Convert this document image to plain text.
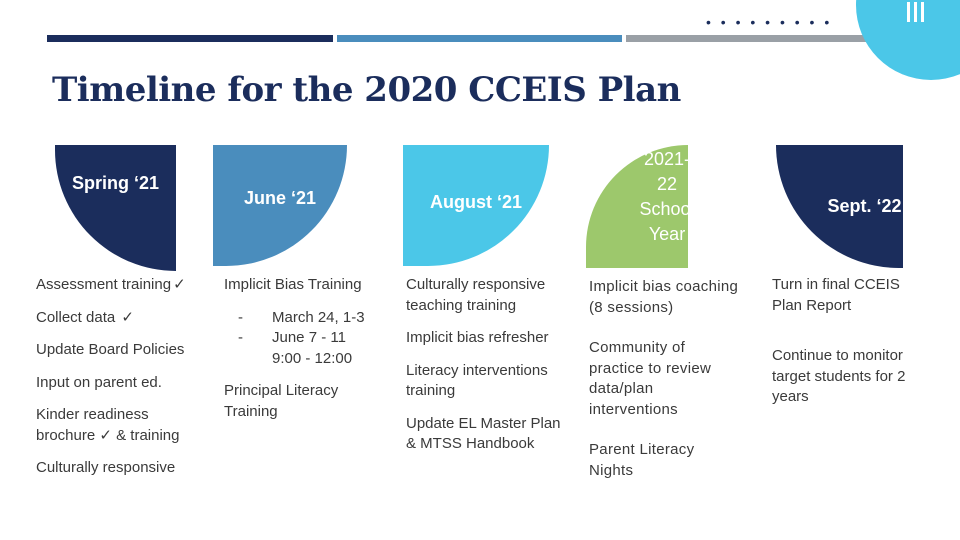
• • • • • • • • •
Timeline for the 2020 CCEIS Plan
Spring ‘21
June ‘21	August ‘21
2021-22 School Year
Sept. ‘22

Assessment training ✓

Collect data ✓

Update Board Policies

Input on parent ed.

Kinder readiness brochure ✓ & training

Culturally responsive

Implicit Bias Training

-	March 24, 1-3
-	June 7 - 11
9:00 - 12:00

Principal Literacy Training

Culturally responsive teaching training

Implicit bias refresher

Literacy interventions training

Update EL Master Plan & MTSS Handbook

Implicit bias coaching (8 sessions)

Community of practice to review data/plan interventions

Parent Literacy Nights

Turn in final CCEIS Plan Report

Continue to monitor target students for 2 years
